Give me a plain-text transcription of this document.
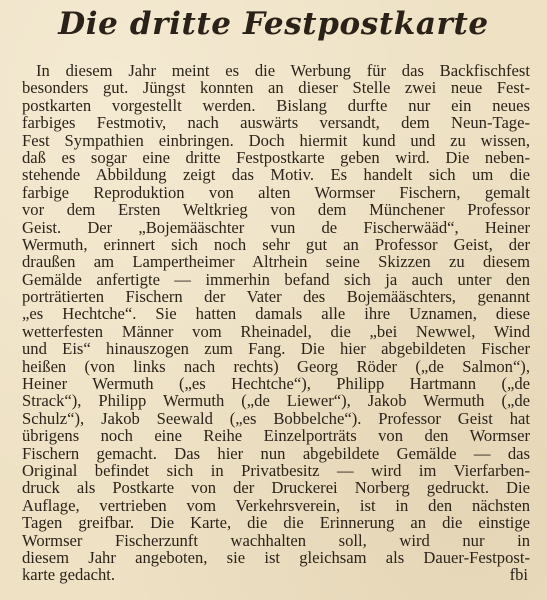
Die dritte Festpostkarte
In diesem Jahr meint es die Werbung für das Backfischfest
besonders gut. Jüngst konnten an dieser Stelle zwei neue Fest-
postkarten vorgestellt werden. Bislang durfte nur ein neues
farbiges Festmotiv, nach auswärts versandt, dem Neun-Tage-
Fest Sympathien einbringen. Doch hiermit kund und zu wissen,
daß es sogar eine dritte Festpostkarte geben wird. Die neben-
stehende Abbildung zeigt das Motiv. Es handelt sich um die
farbige Reproduktion von alten Wormser Fischern, gemalt
vor dem Ersten Weltkrieg von dem Münchener Professor
Geist. Der „Bojemääschter vun de Fischerwääd“, Heiner
Wermuth, erinnert sich noch sehr gut an Professor Geist, der
draußen am Lampertheimer Altrhein seine Skizzen zu diesem
Gemälde anfertigte — immerhin befand sich ja auch unter den
porträtierten Fischern der Vater des Bojemääschters, genannt
„es Hechtche“. Sie hatten damals alle ihre Uznamen, diese
wetterfesten Männer vom Rheinadel, die „bei Newwel, Wind
und Eis“ hinauszogen zum Fang. Die hier abgebildeten Fischer
heißen (von links nach rechts) Georg Röder („de Salmon“),
Heiner Wermuth („es Hechtche“), Philipp Hartmann („de
Strack“), Philipp Wermuth („de Liewer“), Jakob Wermuth („de
Schulz“), Jakob Seewald („es Bobbelche“). Professor Geist hat
übrigens noch eine Reihe Einzelporträts von den Wormser
Fischern gemacht. Das hier nun abgebildete Gemälde — das
Original befindet sich in Privatbesitz — wird im Vierfarben-
druck als Postkarte von der Druckerei Norberg gedruckt. Die
Auflage, vertrieben vom Verkehrsverein, ist in den nächsten
Tagen greifbar. Die Karte, die die Erinnerung an die einstige
Wormser Fischerzunft wachhalten soll, wird nur in
diesem Jahr angeboten, sie ist gleichsam als Dauer-Festpost-
karte gedacht.	fbi
